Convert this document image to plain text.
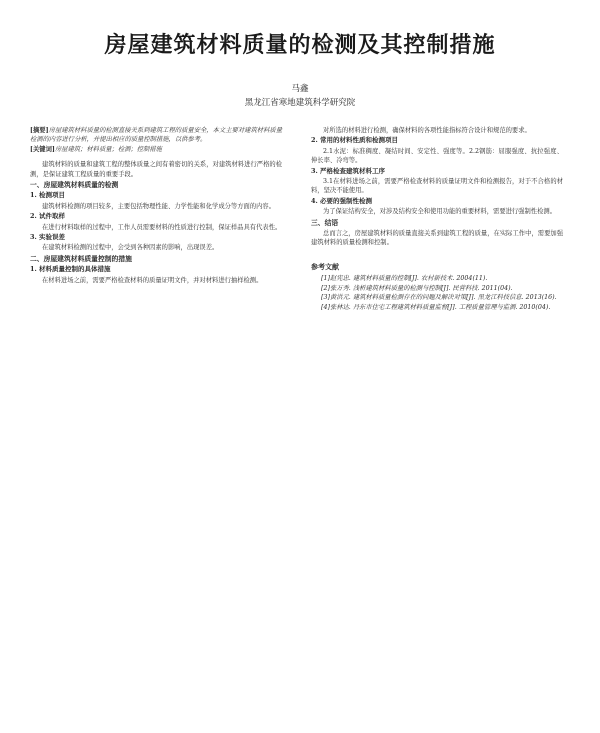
房屋建筑材料质量的检测及其控制措施
马鑫
黑龙江省寒地建筑科学研究院

[摘要]房屋建筑材料质量的检测直接关系到建筑工程的质量安全，本文主要对建筑材料质量检测的内容进行分析，并提出相应的质量控制措施，以供参考。

[关键词]房屋建筑；材料质量；检测；控制措施

建筑材料的质量和建筑工程的整体质量之间有着密切的关系，对建筑材料进行严格的检测，是保证建筑工程质量的重要手段。

一、房屋建筑材料质量的检测
1. 检测项目

建筑材料检测的项目较多，主要包括物理性能、力学性能和化学成分等方面的内容。

2. 试件取样

在进行材料取样的过程中，工作人员需要材料的性质进行控制，保证样品具有代表性。

3. 实验误差

在建筑材料检测的过程中，会受到各种因素的影响，出现误差。

二、房屋建筑材料质量控制的措施
1. 材料质量控制的具体措施

在材料进场之前，需要严格检查材料的质量证明文件，并对材料进行抽样检测。

对所选的材料进行检测，确保材料的各项性能指标符合设计和规范的要求。

2. 常用的材料性质和检测项目

2.1水泥：标准稠度、凝结时间、安定性、强度等。2.2钢筋：屈服强度、抗拉强度、伸长率、冷弯等。

3. 严格检查建筑材料工序

3.1在材料进场之前，需要严格检查材料的质量证明文件和检测报告，对于不合格的材料，坚决不能使用。

4. 必要的强制性检测

为了保证结构安全，对涉及结构安全和使用功能的重要材料，需要进行强制性检测。

三、结语

总而言之，房屋建筑材料的质量直接关系到建筑工程的质量，在实际工作中，需要加强建筑材料的质量检测和控制。

参考文献

[1]赵宪忠. 建筑材料质量的控制[J]. 农村新技术. 2004(11).

[2]张万秀. 浅析建筑材料质量的检测与控制[J]. 民营科技. 2011(04).

[3]黄洪元. 建筑材料质量检测存在的问题及解决对策[J]. 黑龙江科技信息. 2013(16).

[4]张林达. 丹东市住宅工程建筑材料质量监督[J]. 工程质量管理与监测. 2010(04).
